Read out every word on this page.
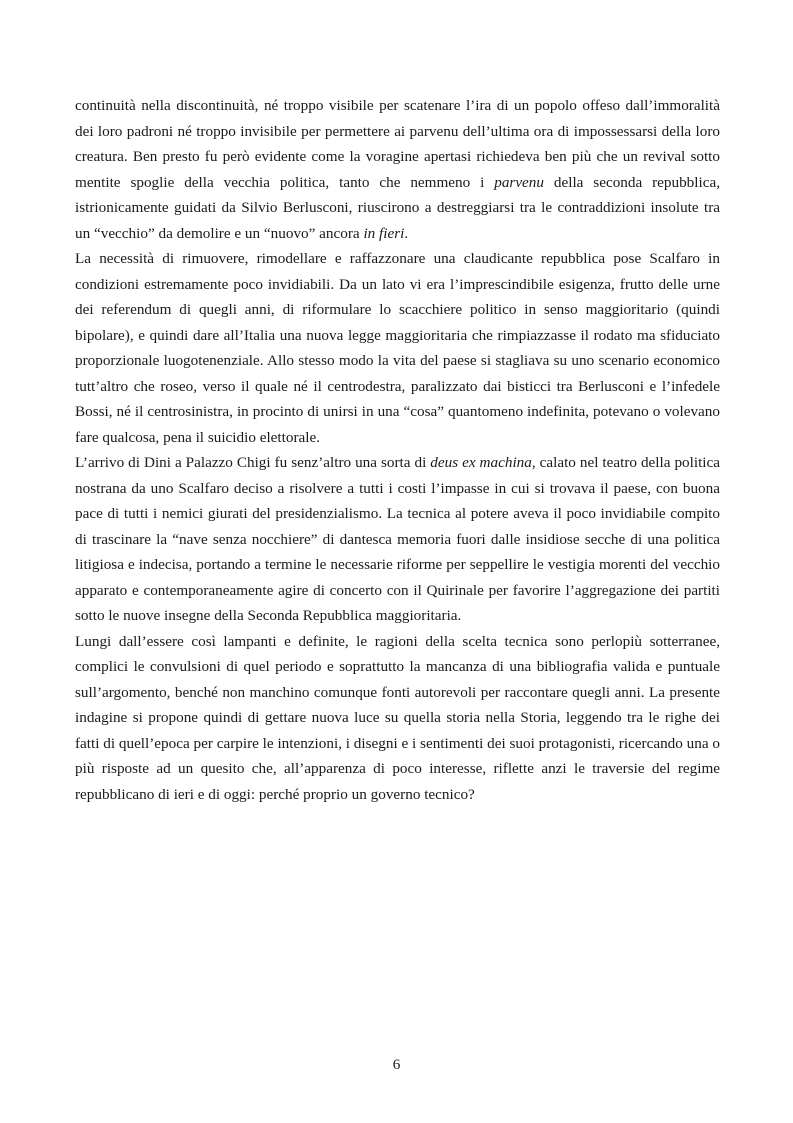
continuità nella discontinuità, né troppo visibile per scatenare l’ira di un popolo offeso dall’immoralità dei loro padroni né troppo invisibile per permettere ai parvenu dell’ultima ora di impossessarsi della loro creatura. Ben presto fu però evidente come la voragine apertasi richiedeva ben più che un revival sotto mentite spoglie della vecchia politica, tanto che nemmeno i parvenu della seconda repubblica, istrionicamente guidati da Silvio Berlusconi, riuscirono a destreggiarsi tra le contraddizioni insolute tra un “vecchio” da demolire e un “nuovo” ancora in fieri.

La necessità di rimuovere, rimodellare e raffazzonare una claudicante repubblica pose Scalfaro in condizioni estremamente poco invidiabili. Da un lato vi era l’imprescindibile esigenza, frutto delle urne dei referendum di quegli anni, di riformulare lo scacchiere politico in senso maggioritario (quindi bipolare), e quindi dare all’Italia una nuova legge maggioritaria che rimpiazzasse il rodato ma sfiduciato proporzionale luogotenenziale. Allo stesso modo la vita del paese si stagliava su uno scenario economico tutt’altro che roseo, verso il quale né il centrodestra, paralizzato dai bisticci tra Berlusconi e l’infedele Bossi, né il centrosinistra, in procinto di unirsi in una “cosa” quantomeno indefinita, potevano o volevano fare qualcosa, pena il suicidio elettorale.

L’arrivo di Dini a Palazzo Chigi fu senz’altro una sorta di deus ex machina, calato nel teatro della politica nostrana da uno Scalfaro deciso a risolvere a tutti i costi l’impasse in cui si trovava il paese, con buona pace di tutti i nemici giurati del presidenzialismo. La tecnica al potere aveva il poco invidiabile compito di trascinare la “nave senza nocchiere” di dantesca memoria fuori dalle insidiose secche di una politica litigiosa e indecisa, portando a termine le necessarie riforme per seppellire le vestigia morenti del vecchio apparato e contemporaneamente agire di concerto con il Quirinale per favorire l’aggregazione dei partiti sotto le nuove insegne della Seconda Repubblica maggioritaria.

Lungi dall’essere così lampanti e definite, le ragioni della scelta tecnica sono perlopiù sotterranee, complici le convulsioni di quel periodo e soprattutto la mancanza di una bibliografia valida e puntuale sull’argomento, benché non manchino comunque fonti autorevoli per raccontare quegli anni. La presente indagine si propone quindi di gettare nuova luce su quella storia nella Storia, leggendo tra le righe dei fatti di quell’epoca per carpire le intenzioni, i disegni e i sentimenti dei suoi protagonisti, ricercando una o più risposte ad un quesito che, all’apparenza di poco interesse, riflette anzi le traversie del regime repubblicano di ieri e di oggi: perché proprio un governo tecnico?

6
